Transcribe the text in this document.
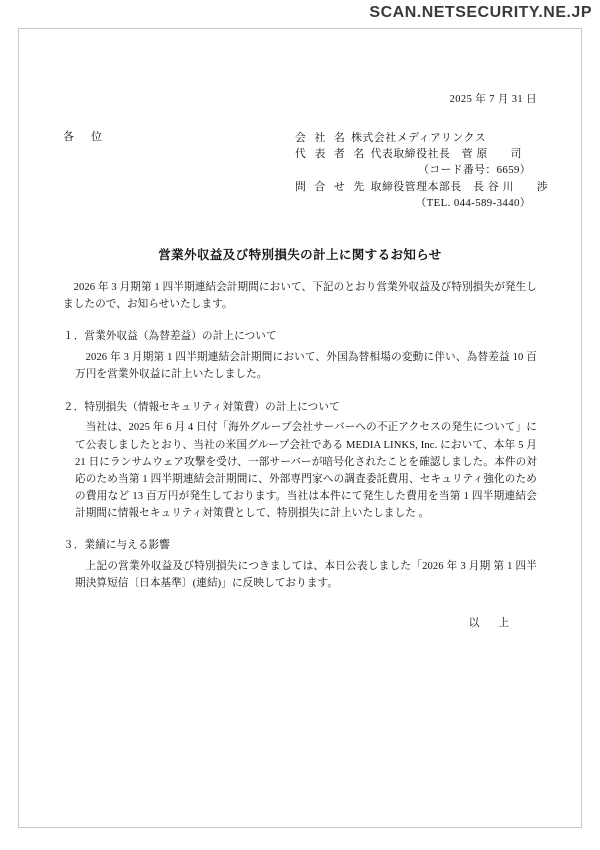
SCAN.NETSECURITY.NE.JP
2025 年 7 月 31 日
各　位	会 社 名 株式会社メディアリンクス
代 表 者 名 代表取締役社長　菅 原　　司
（コード番号：6659）
問 合 せ 先 取締役管理本部長　長 谷 川　　渉
（TEL. 044-589-3440）
営業外収益及び特別損失の計上に関するお知らせ
2026 年 3 月期第 1 四半期連結会計期間において、下記のとおり営業外収益及び特別損失が発生しましたので、お知らせいたします。
１．営業外収益（為替差益）の計上について
2026 年 3 月期第 1 四半期連結会計期間において、外国為替相場の変動に伴い、為替差益 10 百万円を営業外収益に計上いたしました。
２．特別損失（情報セキュリティ対策費）の計上について
当社は、2025 年 6 月 4 日付「海外グループ会社サーバーへの不正アクセスの発生について」にて公表しましたとおり、当社の米国グループ会社である MEDIA LINKS, Inc. において、本年 5 月 21 日にランサムウェア攻撃を受け、一部サーバーが暗号化されたことを確認しました。本件の対応のため当第 1 四半期連結会計期間に、外部専門家への調査委託費用、セキュリティ強化のための費用など 13 百万円が発生しております。当社は本件にて発生した費用を当第 1 四半期連結会計期間に情報セキュリティ対策費として、特別損失に計上いたしました 。
３．業績に与える影響
上記の営業外収益及び特別損失につきましては、本日公表しました「2026 年 3 月期 第 1 四半期決算短信〔日本基準〕(連結)」に反映しております。
以　上
